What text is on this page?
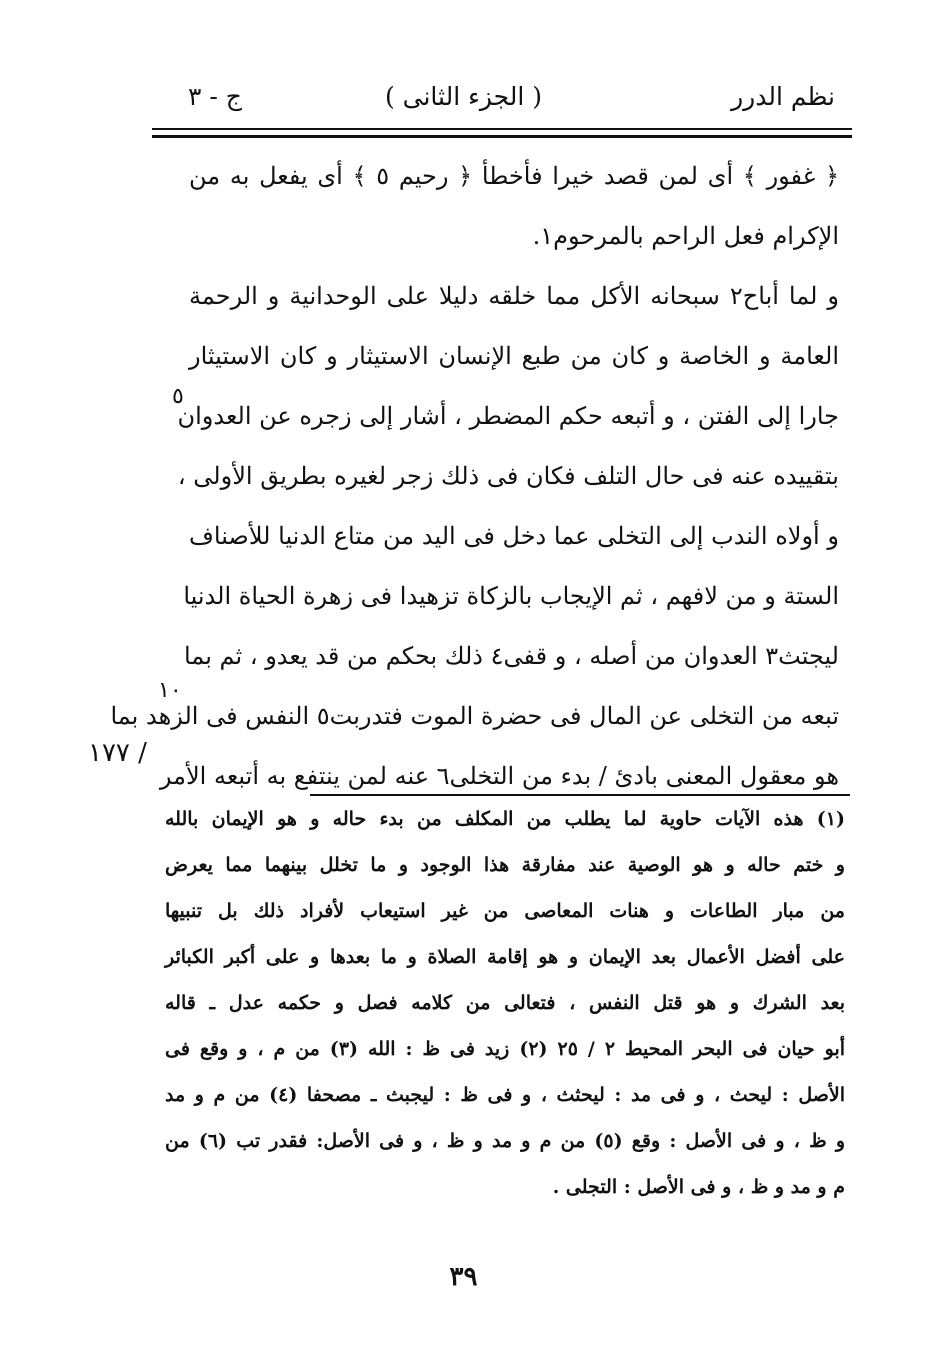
نظم الدرر
( الجزء الثانى )
ج - ٣
﴿ غفور ﴾ أى لمن قصد خيرا فأخطأ ﴿ رحيم ٥ ﴾ أى يفعل به من
الإكرام فعل الراحم بالمرحوم١.
و لما أباح٢ سبحانه الأكل مما خلقه دليلا على الوحدانية و الرحمة
العامة و الخاصة و كان من طبع الإنسان الاستيثار و كان الاستيثار
جارا إلى الفتن ، و أتبعه حكم المضطر ، أشار إلى زجره عن العدوان
بتقييده عنه فى حال التلف فكان فى ذلك زجر لغيره بطريق الأولى ،
و أولاه الندب إلى التخلى عما دخل فى اليد من متاع الدنيا للأصناف
الستة و من لافهم ، ثم الإيجاب بالزكاة تزهيدا فى زهرة الحياة الدنيا
ليجتث٣ العدوان من أصله ، و قفى٤ ذلك بحكم من قد يعدو ، ثم بما
تبعه من التخلى عن المال فى حضرة الموت فتدربت٥ النفس فى الزهد بما
هو معقول المعنى بادئ / بدء من التخلى٦ عنه لمن ينتفع به أتبعه الأمر
٥
١٠
/ ١٧٧
(١) هذه الآيات حاوية لما يطلب من المكلف من بدء حاله و هو الإيمان بالله
و ختم حاله و هو الوصية عند مفارقة هذا الوجود و ما تخلل بينهما مما يعرض
من مبار الطاعات و هنات المعاصى من غير استيعاب لأفراد ذلك بل تنبيها
على أفضل الأعمال بعد الإيمان و هو إقامة الصلاة و ما بعدها و على أكبر الكبائر
بعد الشرك و هو قتل النفس ، فتعالى من كلامه فصل و حكمه عدل ـ قاله
أبو حيان فى البحر المحيط ٢ / ٢٥ (٢) زيد فى ظ : الله (٣) من م ، و وقع فى
الأصل : ليحث ، و فى مد : ليحثث ، و فى ظ : ليجبث ـ مصحفا (٤) من م و مد
و ظ ، و فى الأصل : وقع (٥) من م و مد و ظ ، و فى الأصل: فقدر تب (٦) من
م و مد و ظ ، و فى الأصل : التجلى .
٣٩
